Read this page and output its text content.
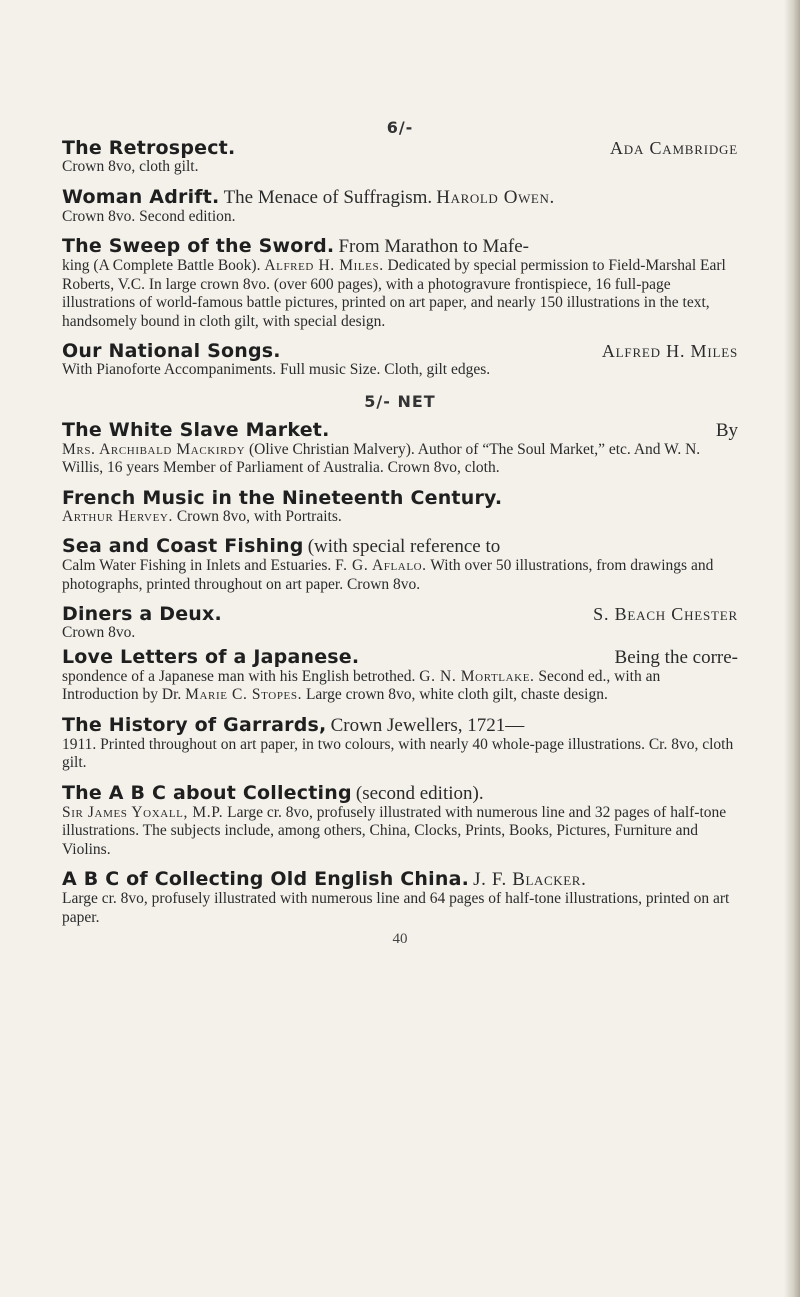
6/-
The Retrospect.	Ada Cambridge
Crown 8vo, cloth gilt.
Woman Adrift. The Menace of Suffragism. Harold Owen.
Crown 8vo. Second edition.
The Sweep of the Sword. From Marathon to Mafe-
king (A Complete Battle Book). Alfred H. Miles. Dedicated by special permission to Field-Marshal Earl Roberts, V.C. In large crown 8vo. (over 600 pages), with a photogravure frontispiece, 16 full-page illustrations of world-famous battle pictures, printed on art paper, and nearly 150 illustrations in the text, handsomely bound in cloth gilt, with special design.
Our National Songs.	Alfred H. Miles
With Pianoforte Accompaniments. Full music Size. Cloth, gilt edges.
5/- NET
The White Slave Market.	By
Mrs. Archibald Mackirdy (Olive Christian Malvery). Author of “The Soul Market,” etc. And W. N. Willis, 16 years Member of Parliament of Australia. Crown 8vo, cloth.
French Music in the Nineteenth Century.
Arthur Hervey. Crown 8vo, with Portraits.
Sea and Coast Fishing (with special reference to
Calm Water Fishing in Inlets and Estuaries. F. G. Aflalo. With over 50 illustrations, from drawings and photographs, printed throughout on art paper. Crown 8vo.
Diners a Deux.	S. Beach Chester
Crown 8vo.
Love Letters of a Japanese.	Being the corre-
spondence of a Japanese man with his English betrothed. G. N. Mortlake. Second ed., with an Introduction by Dr. Marie C. Stopes. Large crown 8vo, white cloth gilt, chaste design.
The History of Garrards, Crown Jewellers, 1721—
1911. Printed throughout on art paper, in two colours, with nearly 40 whole-page illustrations. Cr. 8vo, cloth gilt.
The A B C about Collecting (second edition).
Sir James Yoxall, M.P. Large cr. 8vo, profusely illustrated with numerous line and 32 pages of half-tone illustrations. The subjects include, among others, China, Clocks, Prints, Books, Pictures, Furniture and Violins.
A B C of Collecting Old English China. J. F. Blacker.
Large cr. 8vo, profusely illustrated with numerous line and 64 pages of half-tone illustrations, printed on art paper.
40
